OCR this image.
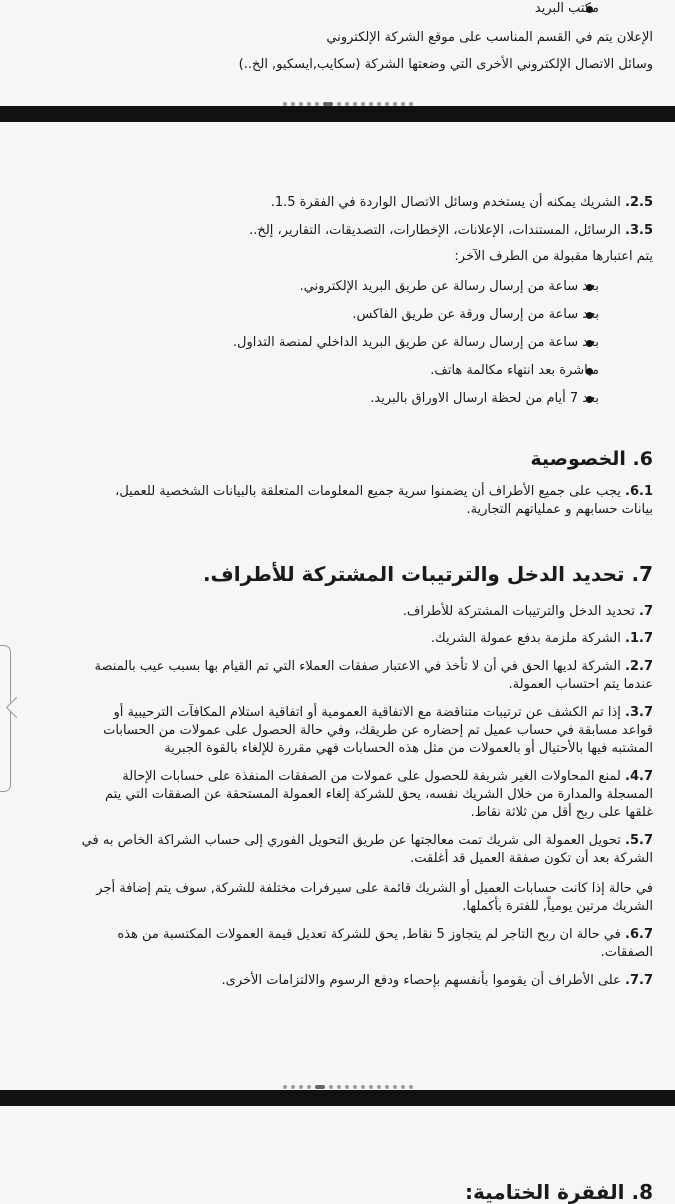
مكتب البريد
الإعلان يتم في القسم المناسب على موقع الشركة الإلكتروني
وسائل الاتصال الإلكتروني الأخرى التي وضعتها الشركة (سكايب,ايسكيو, الخ..)
2.5. الشريك يمكنه أن يستخدم وسائل الاتصال الواردة في الفقرة 1.5.
3.5. الرسائل، المستندات، الإعلانات، الإخطارات، التصديقات، التقارير، إلخ..
يتم اعتبارها مقبولة من الطرف الآخر:
بعد ساعة من إرسال رسالة عن طريق البريد الإلكتروني.
بعد ساعة من إرسال ورقة عن طريق الفاكس.
بعد ساعة من إرسال رسالة عن طريق البريد الداخلي لمنصة التداول.
مباشرة بعد انتهاء مكالمة هاتف.
بعد 7 أيام من لحظة ارسال الاوراق بالبريد.
6. الخصوصية
6.1. يجب على جميع الأطراف أن يضمنوا سرية جميع المعلومات المتعلقة بالبيانات الشخصية للعميل،
بيانات حسابهم و عملياتهم التجارية.
7. تحديد الدخل والترتيبات المشتركة للأطراف.
7. تحديد الدخل والترتيبات المشتركة للأطراف.
1.7. الشركة ملزمة بدفع عمولة الشريك.
2.7. الشركة لديها الحق في أن لا تأخذ في الاعتبار صفقات العملاء التي تم القيام بها بسبب عيب بالمنصة
عندما يتم احتساب العمولة.
3.7. إذا تم الكشف عن ترتيبات متناقضة مع الاتفاقية العمومية أو اتفاقية استلام المكافآت الترحيبية أو
قواعد مسابقة في حساب عميل تم إحضاره عن طريقك، وفي حالة الحصول على عمولات من الحسابات
المشتبه فيها بالأحتيال أو بالعمولات من مثل هذه الحسابات فهي مقررة للإلغاء بالقوة الجبرية
4.7. لمنع المحاولات الغير شريفة للحصول على عمولات من الصفقات المنفذة على حسابات الإحالة
المسجلة والمدارة من خلال الشريك نفسه، يحق للشركة إلغاء العمولة المستحقة عن الصفقات التي يتم
غلقها على ربح أقل من ثلاثة نقاط.
5.7. تحويل العمولة الى شريك تمت معالجتها عن طريق التحويل الفوري إلى حساب الشراكة الخاص به في
الشركة بعد أن تكون صفقة العميل قد أغلقت.
في حالة إذا كانت حسابات العميل أو الشريك قائمة على سيرفرات مختلفة للشركة, سوف يتم إضافة أجر
الشريك مرتين يومياً, للفترة بأكملها.
6.7. في حالة ان ربح التاجر لم يتجاوز 5 نقاط, يحق للشركة تعديل قيمة العمولات المكتسبة من هذه
الصفقات.
7.7. على الأطراف أن يقوموا بأنفسهم بإحصاء ودفع الرسوم والالتزامات الأخرى.
8. الفقرة الختامية:
